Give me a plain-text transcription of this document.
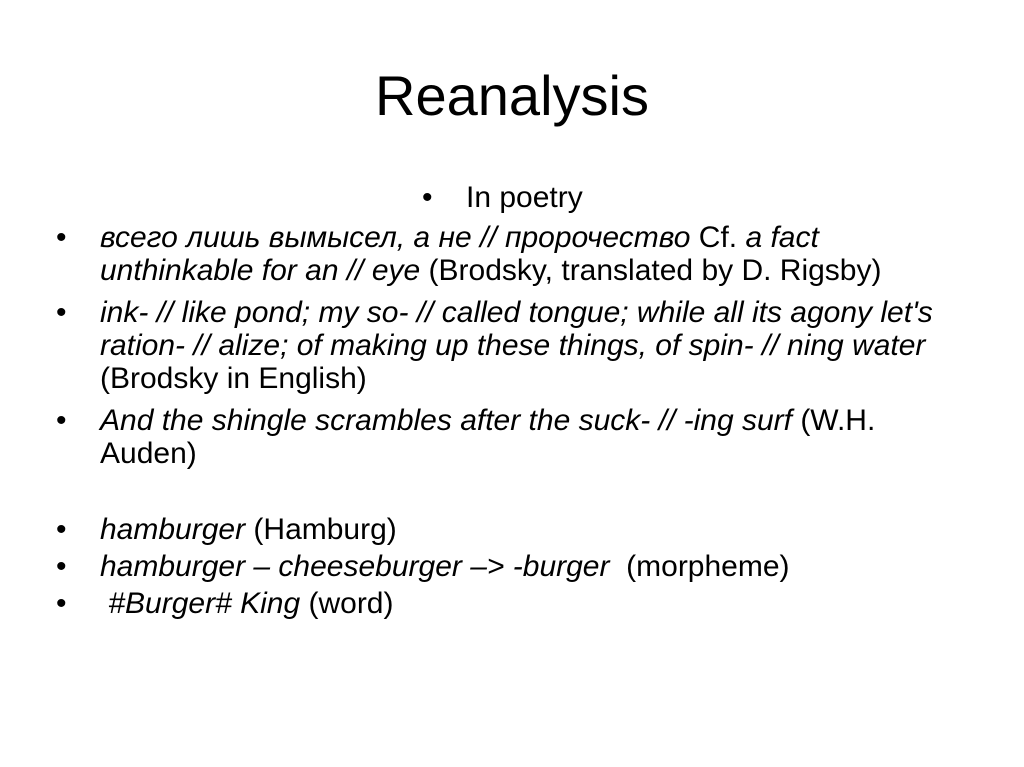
Reanalysis
• In poetry
• всего лишь вымысел, а не // пророчество Cf. a fact unthinkable for an // eye (Brodsky, translated by D. Rigsby)
• ink- // like pond; my so- // called tongue; while all its agony let's ration- // alize; of making up these things, of spin- // ning water (Brodsky in English)
• And the shingle scrambles after the suck- // -ing surf (W.H. Auden)
• hamburger (Hamburg)
• hamburger – cheeseburger –> -burger  (morpheme)
• #Burger# King (word)
